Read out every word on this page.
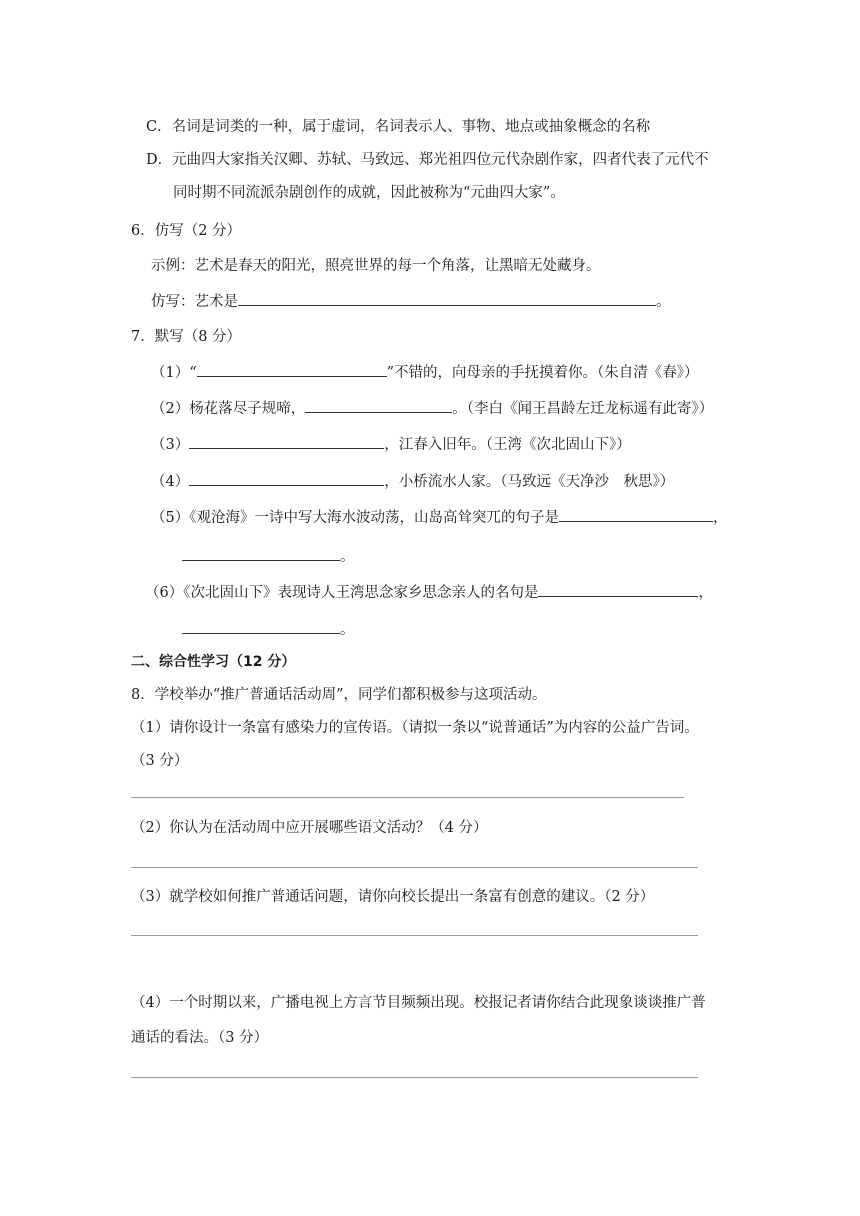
C．名词是词类的一种，属于虚词，名词表示人、事物、地点或抽象概念的名称
D．元曲四大家指关汉卿、苏轼、马致远、郑光祖四位元代杂剧作家，四者代表了元代不
同时期不同流派杂剧创作的成就，因此被称为“元曲四大家”。
6．仿写（2 分）
示例：艺术是春天的阳光，照亮世界的每一个角落，让黑暗无处藏身。
仿写：艺术是	。
7．默写（8 分）
（1）“	”不错的，向母亲的手抚摸着你。（朱自清《春》）
（2）杨花落尽子规啼，	。（李白《闻王昌龄左迁龙标遥有此寄》）
（3）	，江春入旧年。（王湾《次北固山下》）
（4）	，小桥流水人家。（马致远《天净沙　秋思》）
（5）《观沧海》一诗中写大海水波动荡，山岛高耸突兀的句子是	，
。
（6）《次北固山下》表现诗人王湾思念家乡思念亲人的名句是	，
。
二、综合性学习（12 分）
8．学校举办“推广普通话活动周”，同学们都积极参与这项活动。
（1）请你设计一条富有感染力的宣传语。（请拟一条以“说普通话”为内容的公益广告词。
（3 分）
（2）你认为在活动周中应开展哪些语文活动？（4 分）
（3）就学校如何推广普通话问题，请你向校长提出一条富有创意的建议。（2 分）
（4）一个时期以来，广播电视上方言节目频频出现。校报记者请你结合此现象谈谈推广普
通话的看法。（3 分）
